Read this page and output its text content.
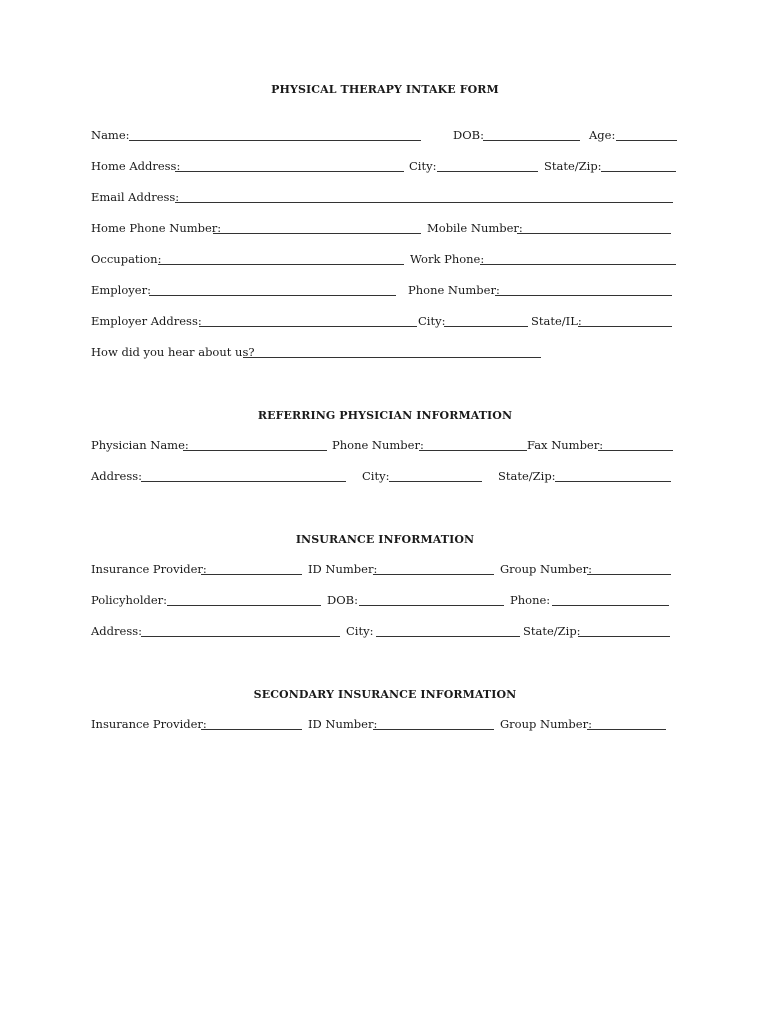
PHYSICAL THERAPY INTAKE FORM
Name:	DOB:	Age:
Home Address:	City:	State/Zip:
Email Address:
Home Phone Number:	Mobile Number:
Occupation:	Work Phone:
Employer:	Phone Number:
Employer Address:	City:	State/IL:
How did you hear about us?
REFERRING PHYSICIAN INFORMATION
Physician Name:	Phone Number:	Fax Number:
Address:	City:	State/Zip:
INSURANCE INFORMATION
Insurance Provider:	ID Number:	Group Number:
Policyholder:	DOB:	Phone:
Address:	City:	State/Zip:
SECONDARY INSURANCE INFORMATION
Insurance Provider:	ID Number:	Group Number:
